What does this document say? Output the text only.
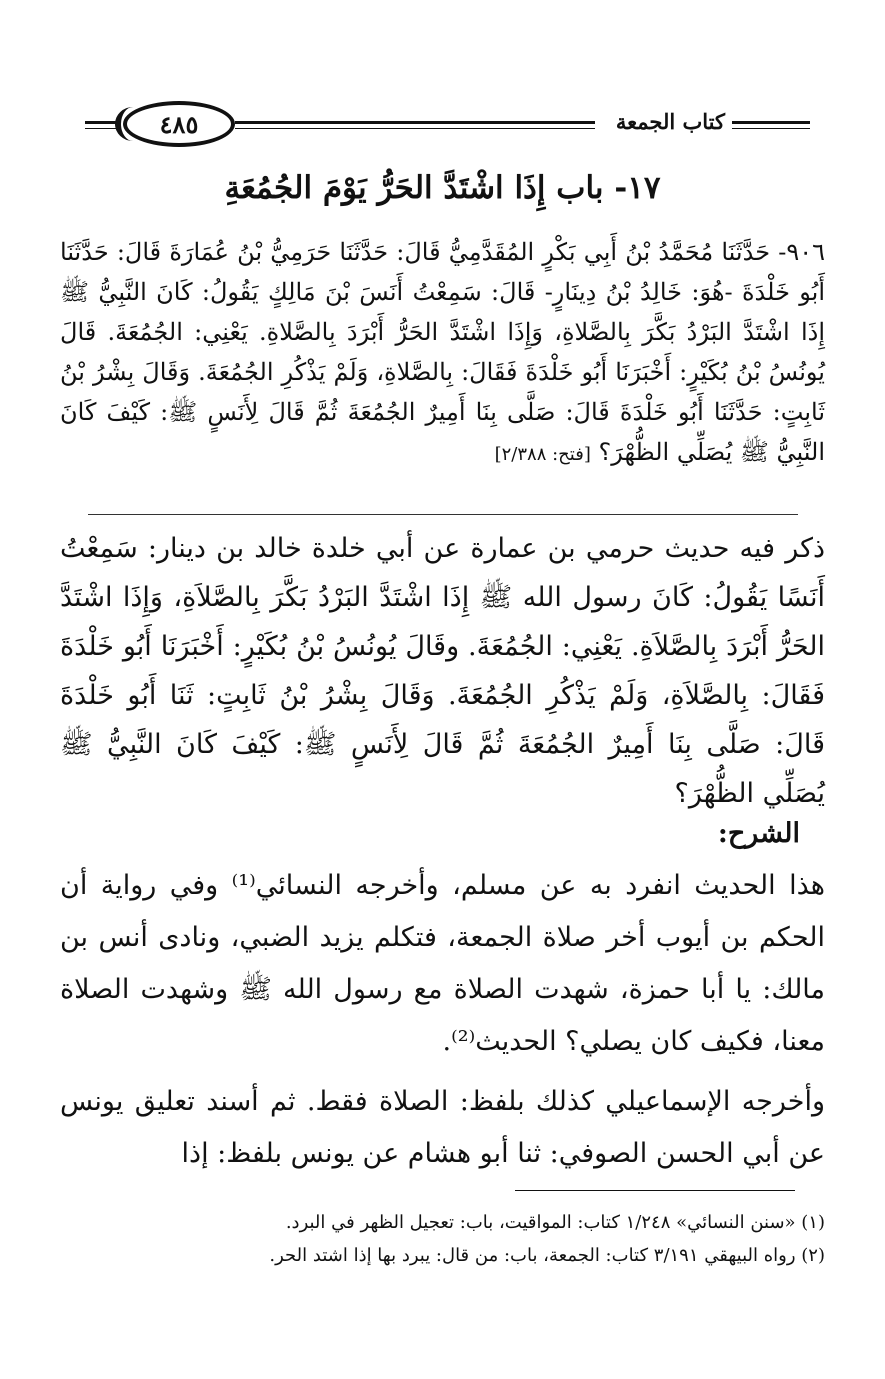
كتاب الجمعة
٤٨٥
١٧- باب إِذَا اشْتَدَّ الحَرُّ يَوْمَ الجُمُعَةِ
٩٠٦- حَدَّثَنَا مُحَمَّدُ بْنُ أَبِي بَكْرٍ المُقَدَّمِيُّ قَالَ: حَدَّثَنَا حَرَمِيُّ بْنُ عُمَارَةَ قَالَ: حَدَّثَنَا أَبُو خَلْدَةَ -هُوَ: خَالِدُ بْنُ دِينَارٍ- قَالَ: سَمِعْتُ أَنَسَ بْنَ مَالِكٍ يَقُولُ: كَانَ النَّبِيُّ ﷺ إِذَا اشْتَدَّ البَرْدُ بَكَّرَ بِالصَّلاةِ، وَإِذَا اشْتَدَّ الحَرُّ أَبْرَدَ بِالصَّلاةِ. يَعْنِي: الجُمُعَةَ. قَالَ يُونُسُ بْنُ بُكَيْرٍ: أَخْبَرَنَا أَبُو خَلْدَةَ فَقَالَ: بِالصَّلاةِ، وَلَمْ يَذْكُرِ الجُمُعَةَ. وَقَالَ بِشْرُ بْنُ ثَابِتٍ: حَدَّثَنَا أَبُو خَلْدَةَ قَالَ: صَلَّى بِنَا أَمِيرٌ الجُمُعَةَ ثُمَّ قَالَ لِأَنَسٍ ﷺ: كَيْفَ كَانَ النَّبِيُّ ﷺ يُصَلِّي الظُّهْرَ؟ [فتح: ٢/٣٨٨]

ذكر فيه حديث حرمي بن عمارة عن أبي خلدة خالد بن دينار: سَمِعْتُ أَنَسًا يَقُولُ: كَانَ رسول الله ﷺ إِذَا اشْتَدَّ البَرْدُ بَكَّرَ بِالصَّلاَةِ، وَإِذَا اشْتَدَّ الحَرُّ أَبْرَدَ بِالصَّلاَةِ. يَعْنِي: الجُمُعَةَ. وقَالَ يُونُسُ بْنُ بُكَيْرٍ: أَخْبَرَنَا أَبُو خَلْدَةَ فَقَالَ: بِالصَّلاَةِ، وَلَمْ يَذْكُرِ الجُمُعَةَ. وَقَالَ بِشْرُ بْنُ ثَابِتٍ: ثَنَا أَبُو خَلْدَةَ قَالَ: صَلَّى بِنَا أَمِيرٌ الجُمُعَةَ ثُمَّ قَالَ لِأَنَسٍ ﷺ: كَيْفَ كَانَ النَّبِيُّ ﷺ يُصَلِّي الظُّهْرَ؟

الشرح:

هذا الحديث انفرد به عن مسلم، وأخرجه النسائي⁽¹⁾ وفي رواية أن الحكم بن أيوب أخر صلاة الجمعة، فتكلم يزيد الضبي، ونادى أنس بن مالك: يا أبا حمزة، شهدت الصلاة مع رسول الله ﷺ وشهدت الصلاة معنا، فكيف كان يصلي؟ الحديث⁽²⁾.

وأخرجه الإسماعيلي كذلك بلفظ: الصلاة فقط. ثم أسند تعليق يونس عن أبي الحسن الصوفي: ثنا أبو هشام عن يونس بلفظ: إذا

(١) «سنن النسائي» ١/٢٤٨ كتاب: المواقيت، باب: تعجيل الظهر في البرد.
(٢) رواه البيهقي ٣/١٩١ كتاب: الجمعة، باب: من قال: يبرد بها إذا اشتد الحر.
